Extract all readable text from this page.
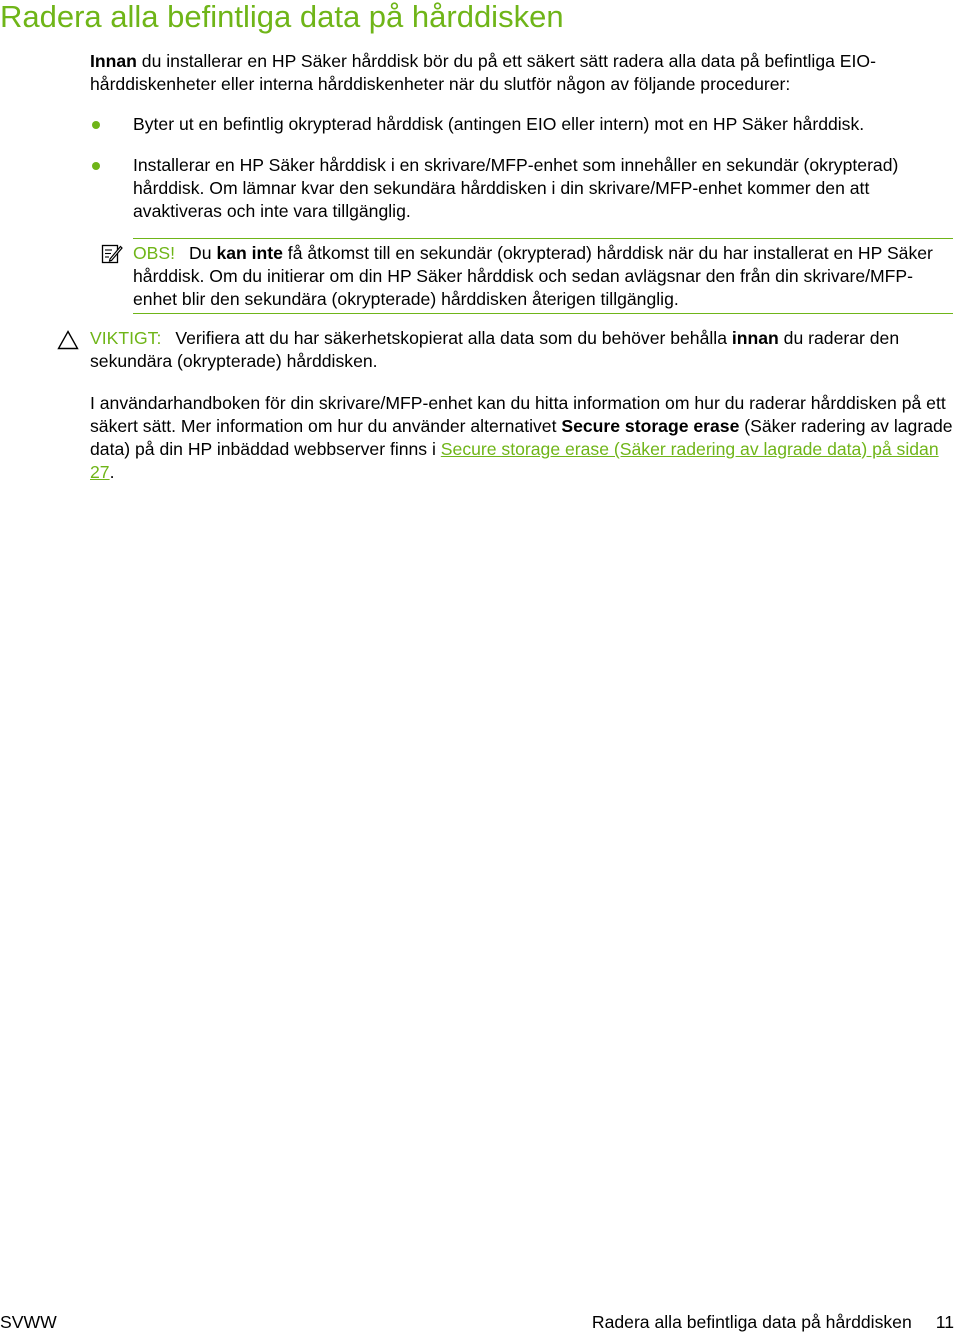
Radera alla befintliga data på hårddisken

Innan du installerar en HP Säker hårddisk bör du på ett säkert sätt radera alla data på befintliga EIO-hårddiskenheter eller interna hårddiskenheter när du slutför någon av följande procedurer:

Byter ut en befintlig okrypterad hårddisk (antingen EIO eller intern) mot en HP Säker hårddisk.
Installerar en HP Säker hårddisk i en skrivare/MFP-enhet som innehåller en sekundär (okrypterad) hårddisk. Om lämnar kvar den sekundära hårddisken i din skrivare/MFP-enhet kommer den att avaktiveras och inte vara tillgänglig.
OBS! Du kan inte få åtkomst till en sekundär (okrypterad) hårddisk när du har installerat en HP Säker hårddisk. Om du initierar om din HP Säker hårddisk och sedan avlägsnar den från din skrivare/MFP-enhet blir den sekundära (okrypterade) hårddisken återigen tillgänglig.
VIKTIGT: Verifiera att du har säkerhetskopierat alla data som du behöver behålla innan du raderar den sekundära (okrypterade) hårddisken.

I användarhandboken för din skrivare/MFP-enhet kan du hitta information om hur du raderar hårddisken på ett säkert sätt. Mer information om hur du använder alternativet Secure storage erase (Säker radering av lagrade data) på din HP inbäddad webbserver finns i Secure storage erase (Säker radering av lagrade data) på sidan 27.

SVWW	Radera alla befintliga data på hårddisken 11
